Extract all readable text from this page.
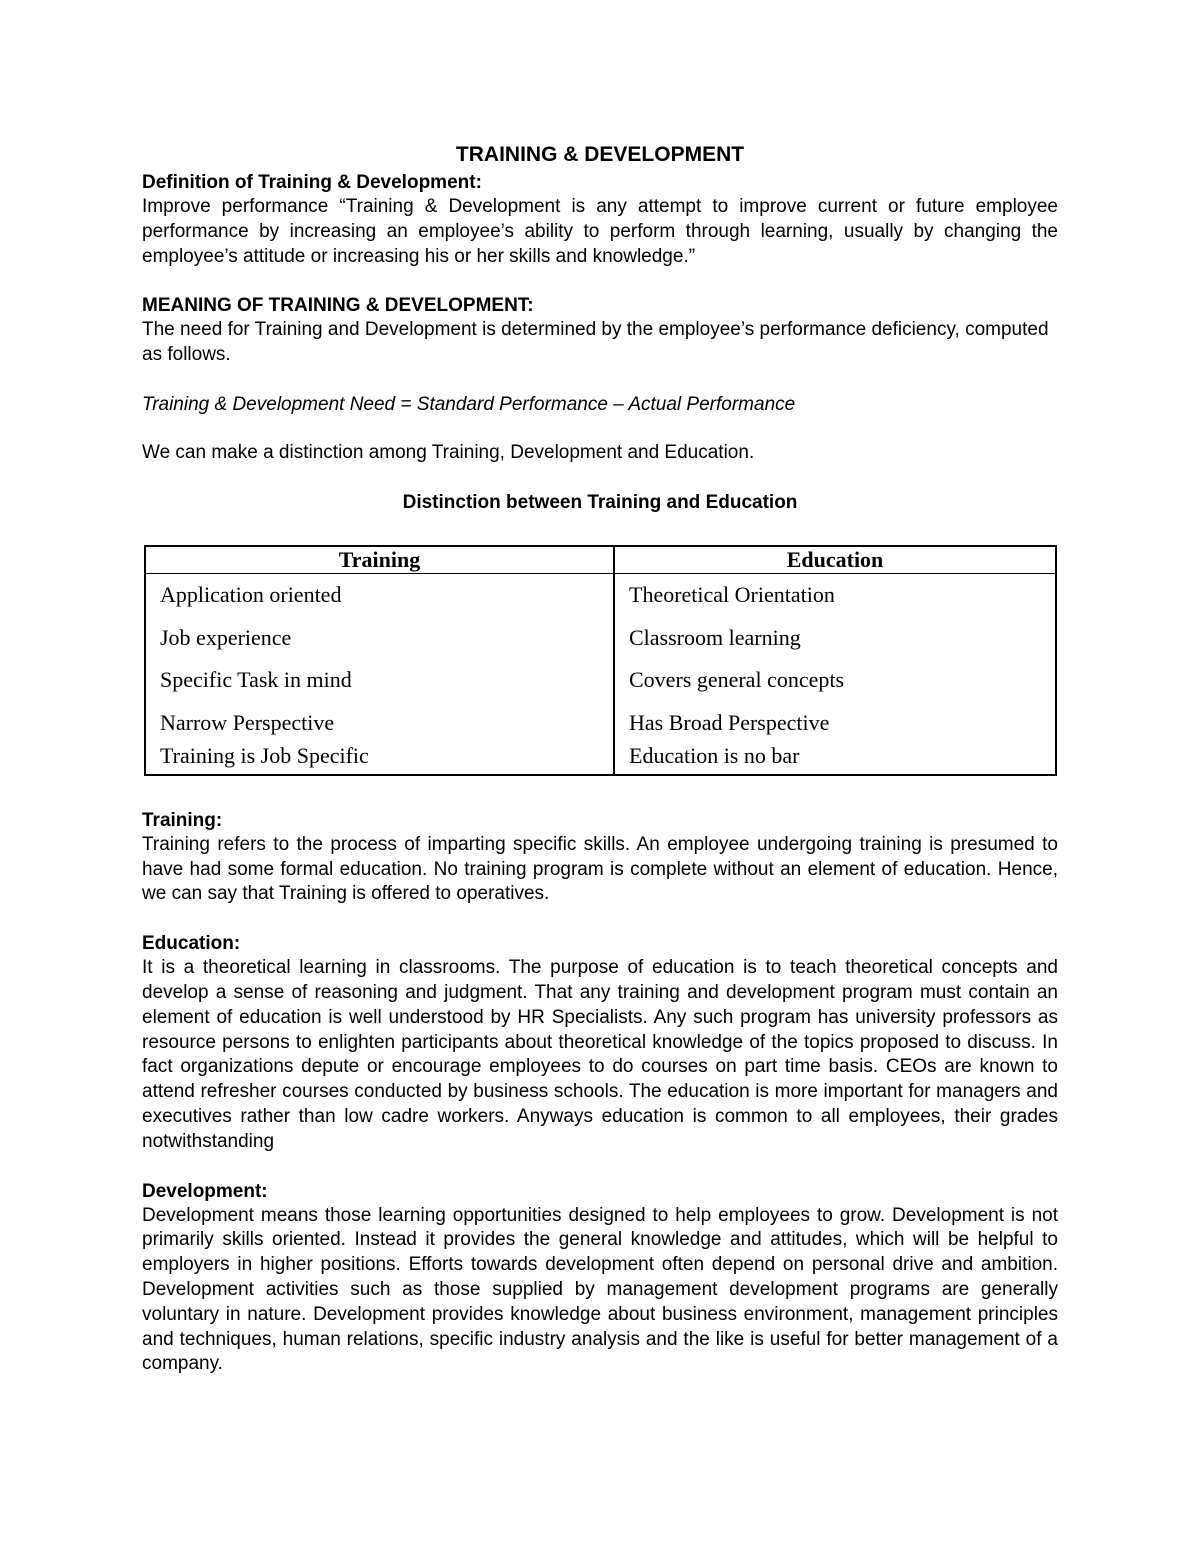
TRAINING & DEVELOPMENT

Definition of Training & Development:

Improve performance “Training & Development is any attempt to improve current or future employee performance by increasing an employee’s ability to perform through learning, usually by changing the employee’s attitude or increasing his or her skills and knowledge.”

MEANING OF TRAINING & DEVELOPMENT:

The need for Training and Development is determined by the employee’s performance deficiency, computed as follows.

Training & Development Need = Standard Performance – Actual Performance

We can make a distinction among Training, Development and Education.

Distinction between Training and Education

Training	Education
Application oriented	Theoretical Orientation
Job experience	Classroom learning
Specific Task in mind	Covers general concepts
Narrow Perspective	Has Broad Perspective
Training is Job Specific	Education is no bar

Training:

Training refers to the process of imparting specific skills. An employee undergoing training is presumed to have had some formal education. No training program is complete without an element of education. Hence, we can say that Training is offered to operatives.

Education:

It is a theoretical learning in classrooms. The purpose of education is to teach theoretical concepts and develop a sense of reasoning and judgment. That any training and development program must contain an element of education is well understood by HR Specialists. Any such program has university professors as resource persons to enlighten participants about theoretical knowledge of the topics proposed to discuss. In fact organizations depute or encourage employees to do courses on part time basis. CEOs are known to attend refresher courses conducted by business schools. The education is more important for managers and executives rather than low cadre workers. Anyways education is common to all employees, their grades notwithstanding

Development:

Development means those learning opportunities designed to help employees to grow. Development is not primarily skills oriented. Instead it provides the general knowledge and attitudes, which will be helpful to employers in higher positions. Efforts towards development often depend on personal drive and ambition. Development activities such as those supplied by management development programs are generally voluntary in nature. Development provides knowledge about business environment, management principles and techniques, human relations, specific industry analysis and the like is useful for better management of a company.
